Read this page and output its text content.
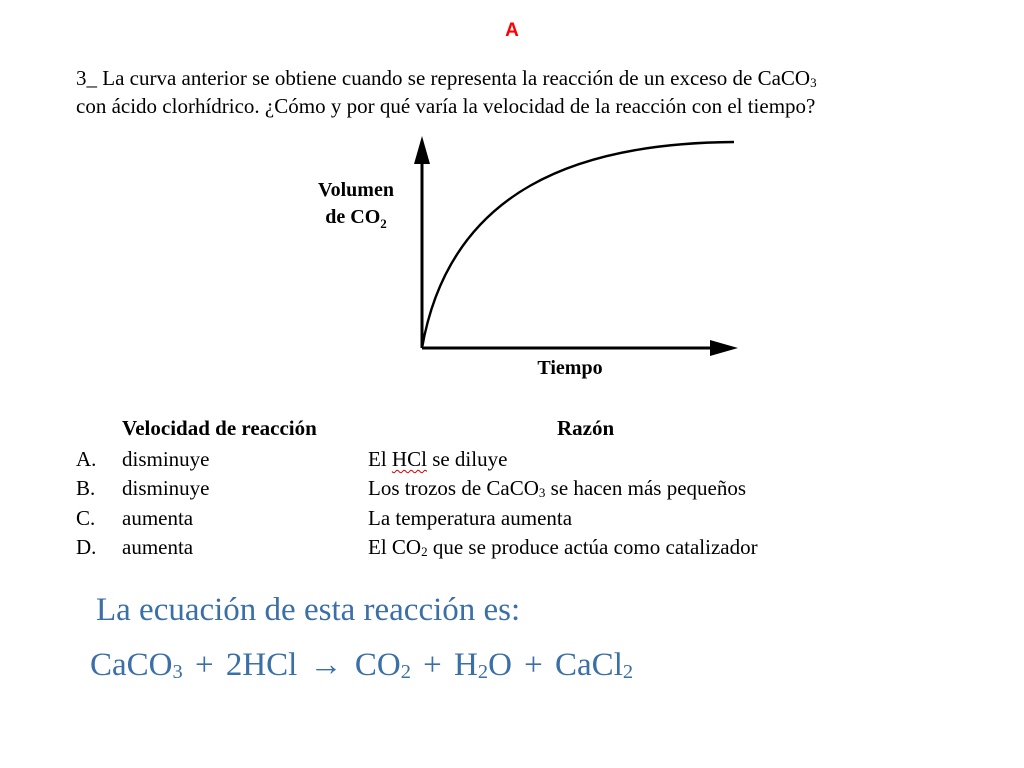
A
3_ La curva anterior se obtiene cuando se representa la reacción de un exceso de CaCO$_3$
con ácido clorhídrico. ¿Cómo y por qué varía la velocidad de la reacción con el tiempo?
Volumen
de $CO_2$
Tiempo
Velocidad de reacción	Razón
A. disminuye	El HCl se diluye
B. disminuye	Los trozos de CaCO$_3$ se hacen más pequeños
C. aumenta	La temperatura aumenta
D. aumenta	El $CO_2$ que se produce actúa como catalizador
La ecuación de esta reacción es:
CaCO$_3$ + $2HCl \to CO_2 + H_2O$ + CaCl$_2$
